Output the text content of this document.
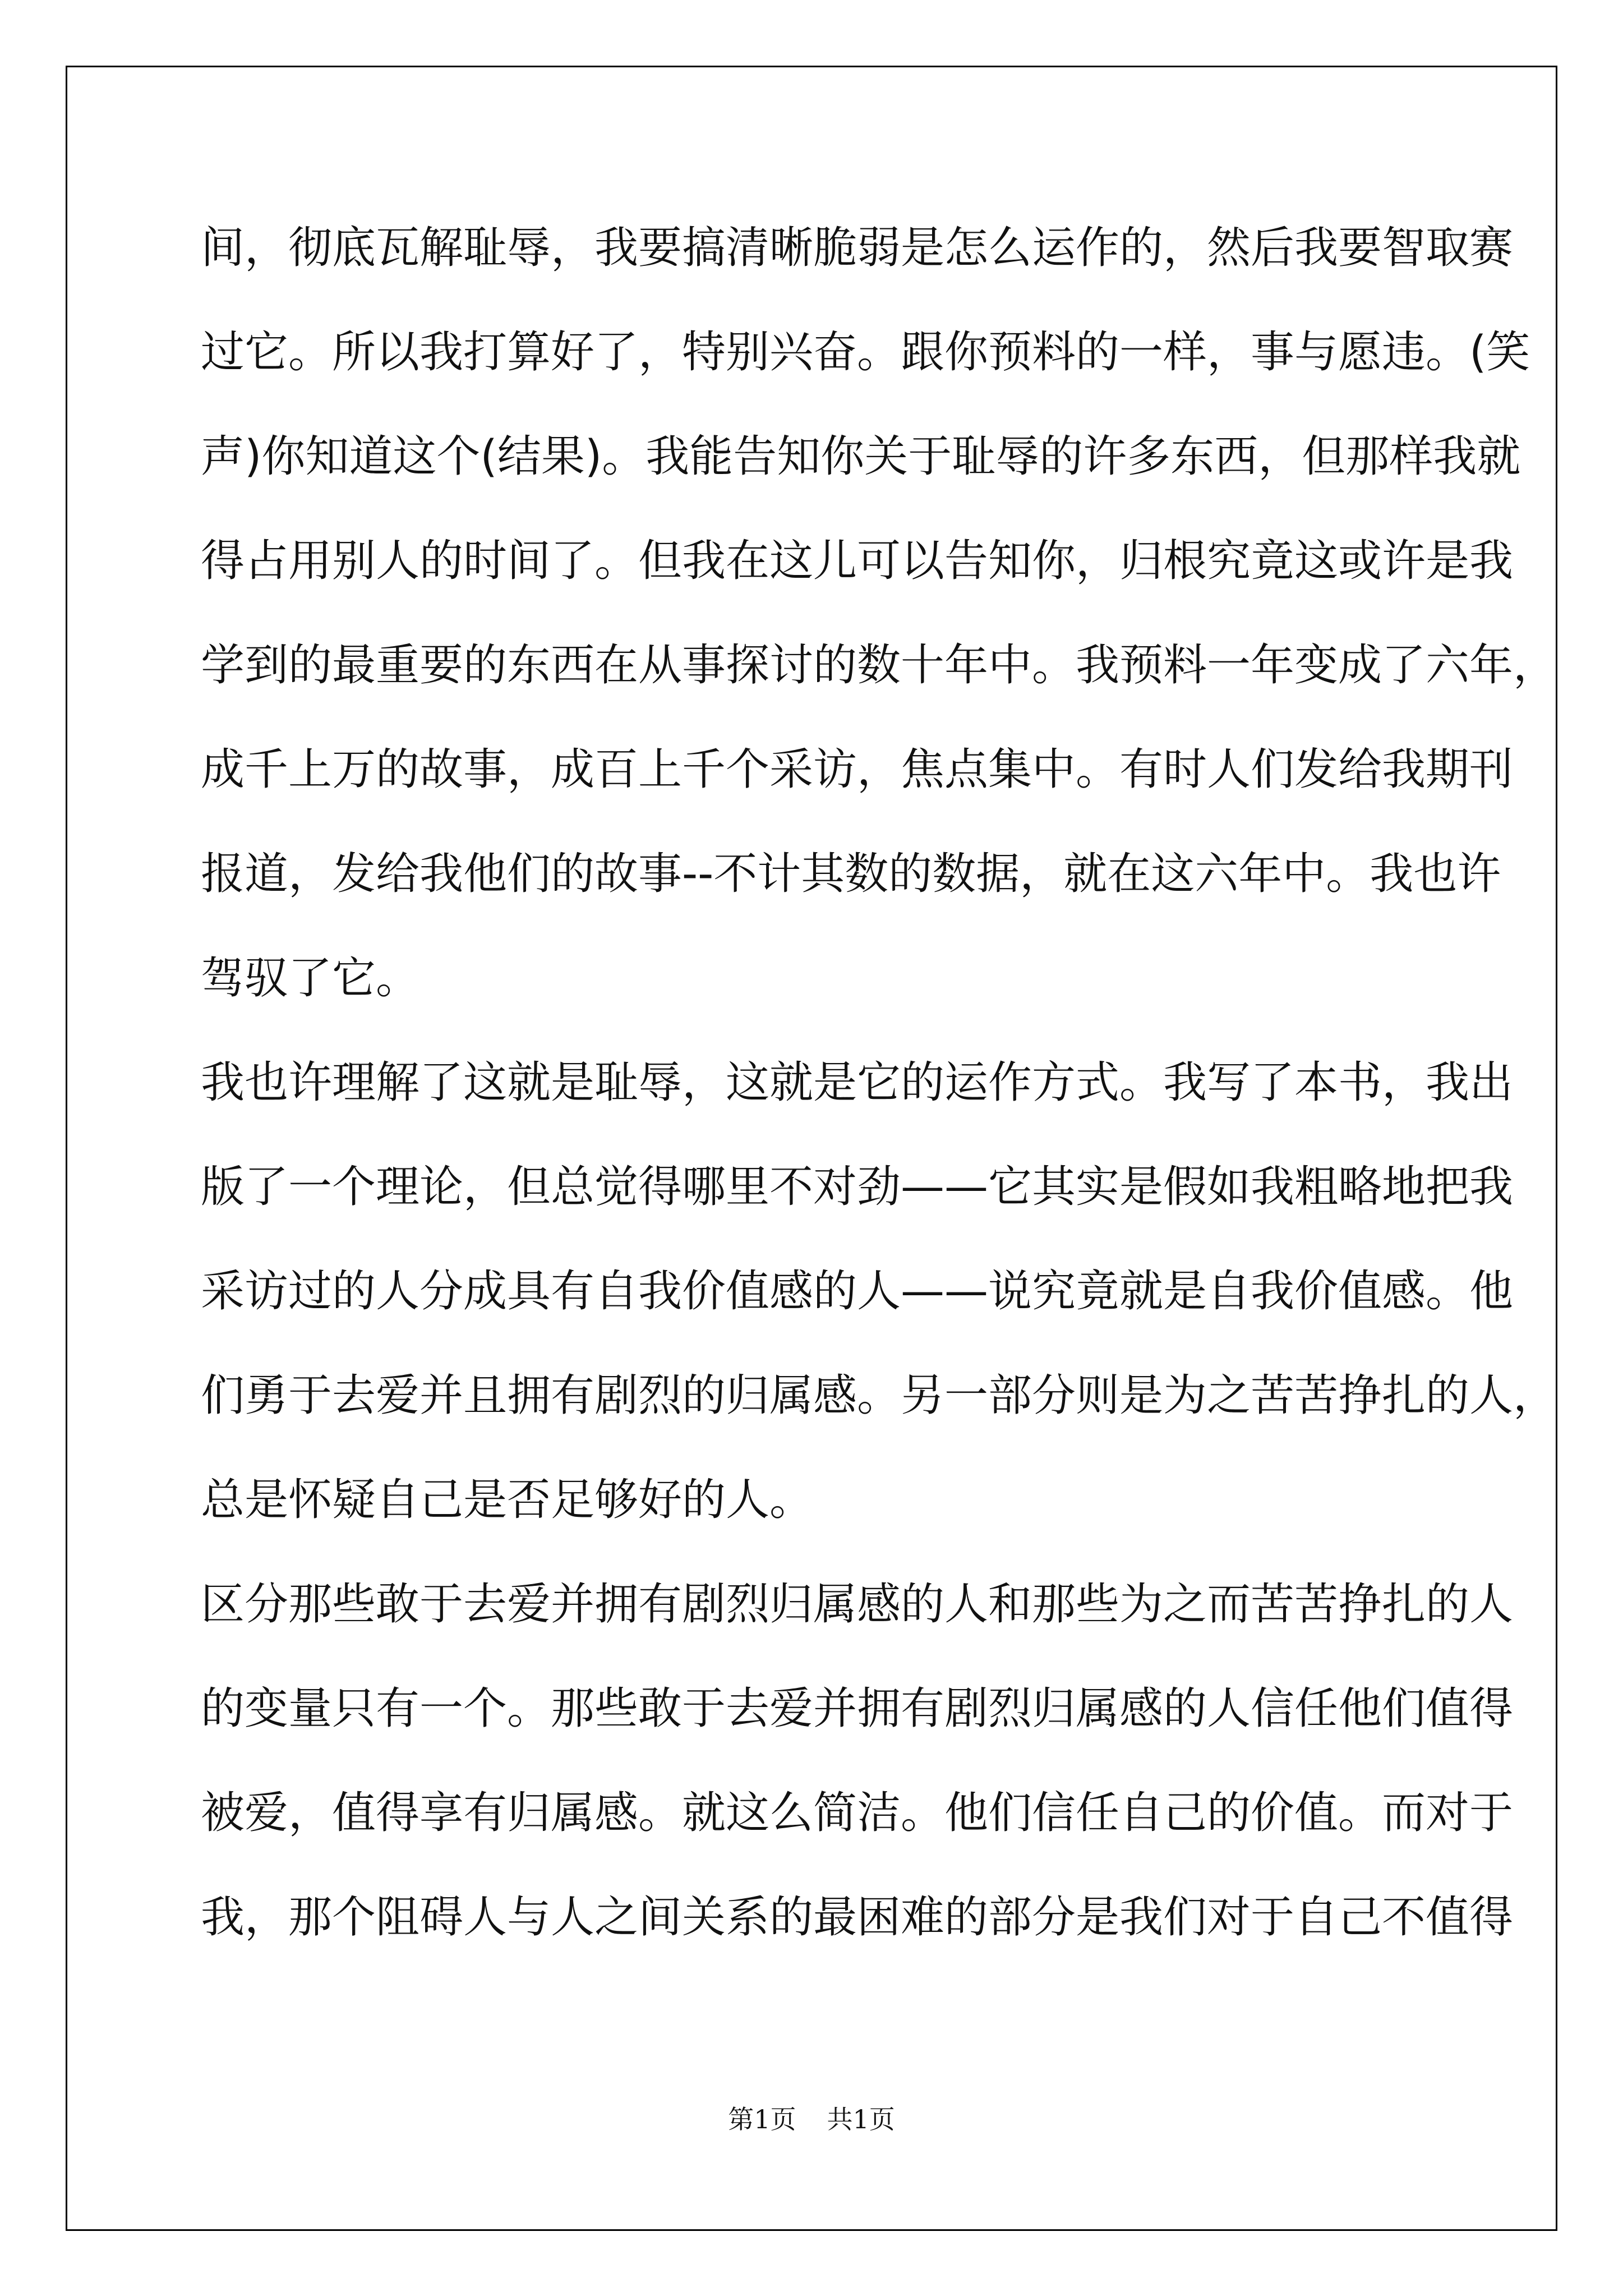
间，彻底瓦解耻辱，我要搞清晰脆弱是怎么运作的，然后我要智取赛
过它。所以我打算好了，特别兴奋。跟你预料的一样，事与愿违。(笑
声)你知道这个(结果)。我能告知你关于耻辱的许多东西，但那样我就
得占用别人的时间了。但我在这儿可以告知你，归根究竟这或许是我
学到的最重要的东西在从事探讨的数十年中。我预料一年变成了六年，
成千上万的故事，成百上千个采访，焦点集中。有时人们发给我期刊
报道，发给我他们的故事--不计其数的数据，就在这六年中。我也许
驾驭了它。
我也许理解了这就是耻辱，这就是它的运作方式。我写了本书，我出
版了一个理论，但总觉得哪里不对劲——它其实是假如我粗略地把我
采访过的人分成具有自我价值感的人——说究竟就是自我价值感。他
们勇于去爱并且拥有剧烈的归属感。另一部分则是为之苦苦挣扎的人，
总是怀疑自己是否足够好的人。
区分那些敢于去爱并拥有剧烈归属感的人和那些为之而苦苦挣扎的人
的变量只有一个。那些敢于去爱并拥有剧烈归属感的人信任他们值得
被爱，值得享有归属感。就这么简洁。他们信任自己的价值。而对于
我，那个阻碍人与人之间关系的最困难的部分是我们对于自己不值得
第1页 共1页
